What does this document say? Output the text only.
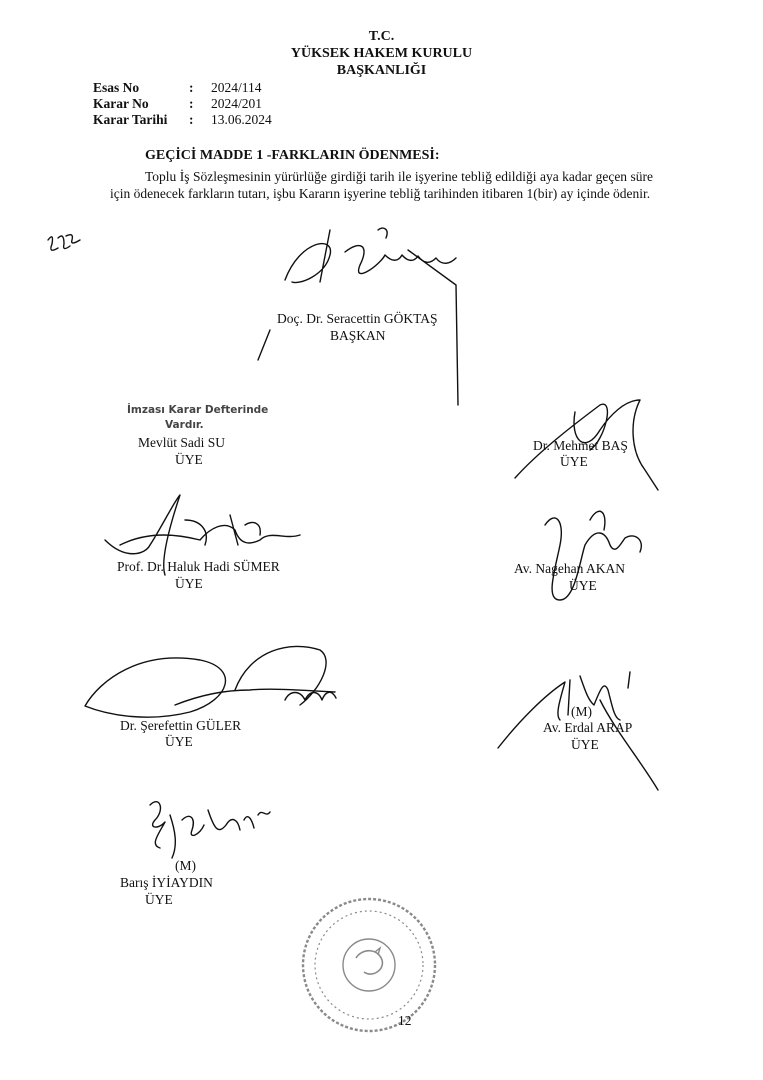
T.C.
YÜKSEK HAKEM KURULU
BAŞKANLIĞI
Esas No	: 2024/114
Karar No	: 2024/201
Karar Tarihi : 13.06.2024
GEÇİCİ MADDE 1 -FARKLARIN ÖDENMESİ:
Toplu İş Sözleşmesinin yürürlüğe girdiği tarih ile işyerine tebliğ edildiği aya kadar geçen süre için ödenecek farkların tutarı, işbu Kararın işyerine tebliğ tarihinden itibaren 1(bir) ay içinde ödenir.
Doç. Dr. Seracettin GÖKTAŞ
BAŞKAN
İmzası Karar Defterinde
Vardır.
Mevlüt Sadi SU
ÜYE
Dr. Mehmet BAŞ
ÜYE
Prof. Dr. Haluk Hadi SÜMER
ÜYE
Av. Nagehan AKAN
ÜYE
Dr. Şerefettin GÜLER
ÜYE
(M)
Av. Erdal ARAP
ÜYE
(M)
Barış İYİAYDIN
ÜYE
12
